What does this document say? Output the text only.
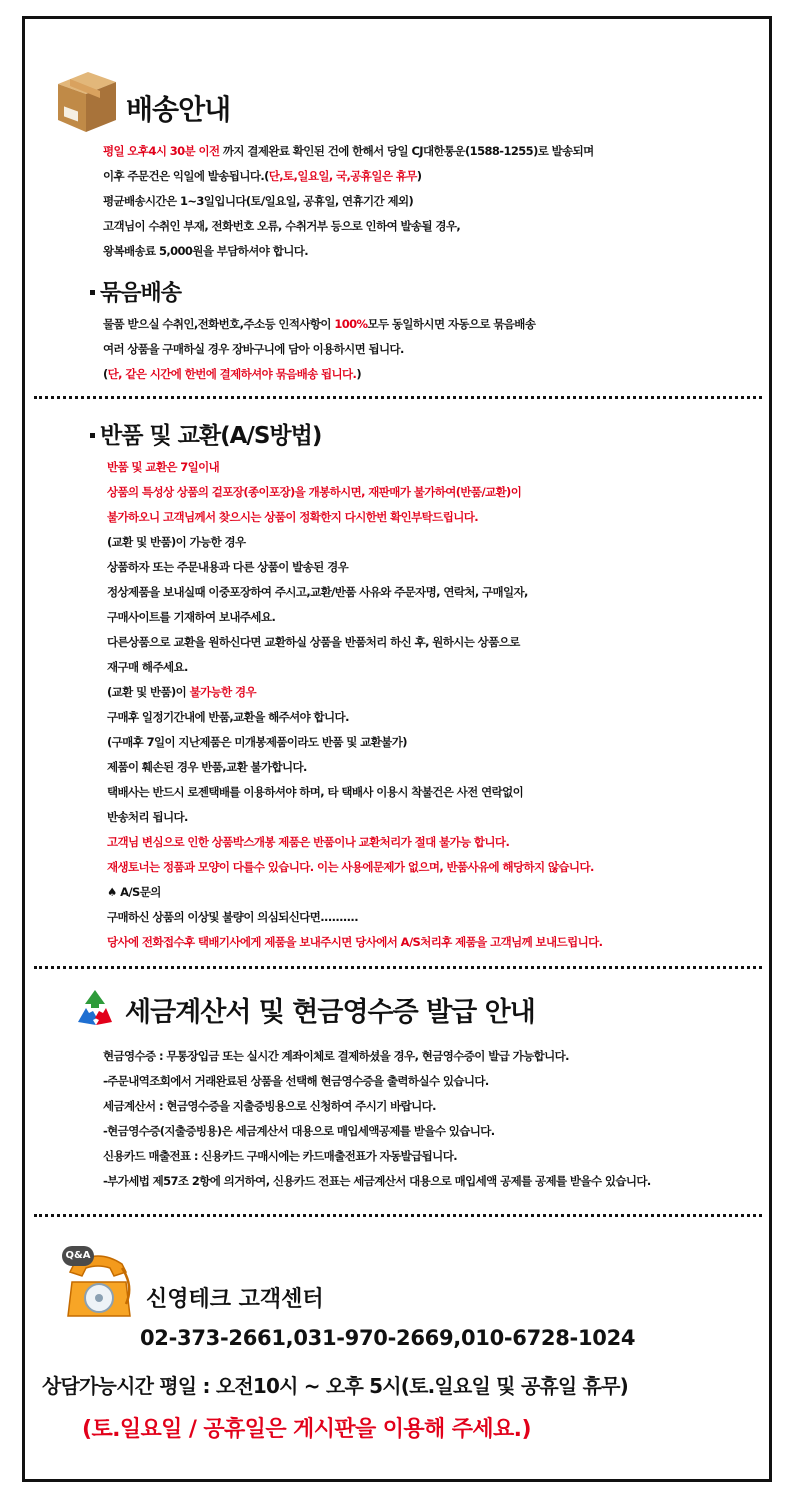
배송안내
평일 오후4시 30분 이전 까지 결제완료 확인된 건에 한해서 당일 CJ대한통운(1588-1255)로 발송되며
이후 주문건은 익일에 발송됩니다.(단,토,일요일, 국,공휴일은 휴무)
평균배송시간은 1~3일입니다(토/일요일, 공휴일, 연휴기간 제외)
고객님이 수취인 부재, 전화번호 오류, 수취거부 등으로 인하여 발송될 경우,
왕복배송료 5,000원을 부담하셔야 합니다.
묶음배송
물품 받으실 수취인,전화번호,주소등 인적사항이 100%모두 동일하시면 자동으로 묶음배송
여러 상품을 구매하실 경우 장바구니에 담아 이용하시면 됩니다.
(단, 같은 시간에 한번에 결제하셔야 묶음배송 됩니다.)
반품 및 교환(A/S방법)
반품 및 교환은 7일이내
상품의 특성상 상품의 겉포장(종이포장)을 개봉하시면, 재판매가 불가하여(반품/교환)이
불가하오니 고객님께서 찾으시는 상품이 정확한지 다시한번 확인부탁드립니다.
(교환 및 반품)이 가능한 경우
상품하자 또는 주문내용과 다른 상품이 발송된 경우
정상제품을 보내실때 이중포장하여 주시고,교환/반품 사유와 주문자명, 연락처, 구매일자,
구매사이트를 기재하여 보내주세요.
다른상품으로 교환을 원하신다면 교환하실 상품을 반품처리 하신 후, 원하시는 상품으로
재구매 해주세요.
(교환 및 반품)이 불가능한 경우
구매후 일정기간내에 반품,교환을 해주셔야 합니다.
(구매후 7일이 지난제품은 미개봉제품이라도 반품 및 교환불가)
제품이 훼손된 경우 반품,교환 불가합니다.
택배사는 반드시 로젠택배를 이용하셔야 하며, 타 택배사 이용시 착불건은 사전 연락없이
반송처리 됩니다.
고객님 변심으로 인한 상품박스개봉 제품은 반품이나 교환처리가 절대 불가능 합니다.
재생토너는 정품과 모양이 다를수 있습니다. 이는 사용에문제가 없으며, 반품사유에 해당하지 않습니다.
♠ A/S문의
구매하신 상품의 이상및 불량이 의심되신다면..........
당사에 전화접수후 택배기사에게 제품을 보내주시면 당사에서 A/S처리후 제품을 고객님께 보내드립니다.
세금계산서 및 현금영수증 발급 안내
현금영수증 : 무통장입금 또는 실시간 계좌이체로 결제하셨을 경우, 현금영수증이 발급 가능합니다.
-주문내역조회에서 거래완료된 상품을 선택해 현금영수증을 출력하실수 있습니다.
세금계산서 : 현금영수증을 지출증빙용으로 신청하여 주시기 바랍니다.
-현금영수증(지출증빙용)은 세금계산서 대용으로 매입세액공제를 받을수 있습니다.
신용카드 매출전표 : 신용카드 구매시에는 카드매출전표가 자동발급됩니다.
-부가세법 제57조 2항에 의거하여, 신용카드 전표는 세금계산서 대용으로 매입세액 공제를 공제를 받을수 있습니다.
Q&A
신영테크 고객센터
02-373-2661,031-970-2669,010-6728-1024
상담가능시간 평일 : 오전10시 ~ 오후 5시(토.일요일 및 공휴일 휴무)
(토.일요일 / 공휴일은 게시판을 이용해 주세요.)
